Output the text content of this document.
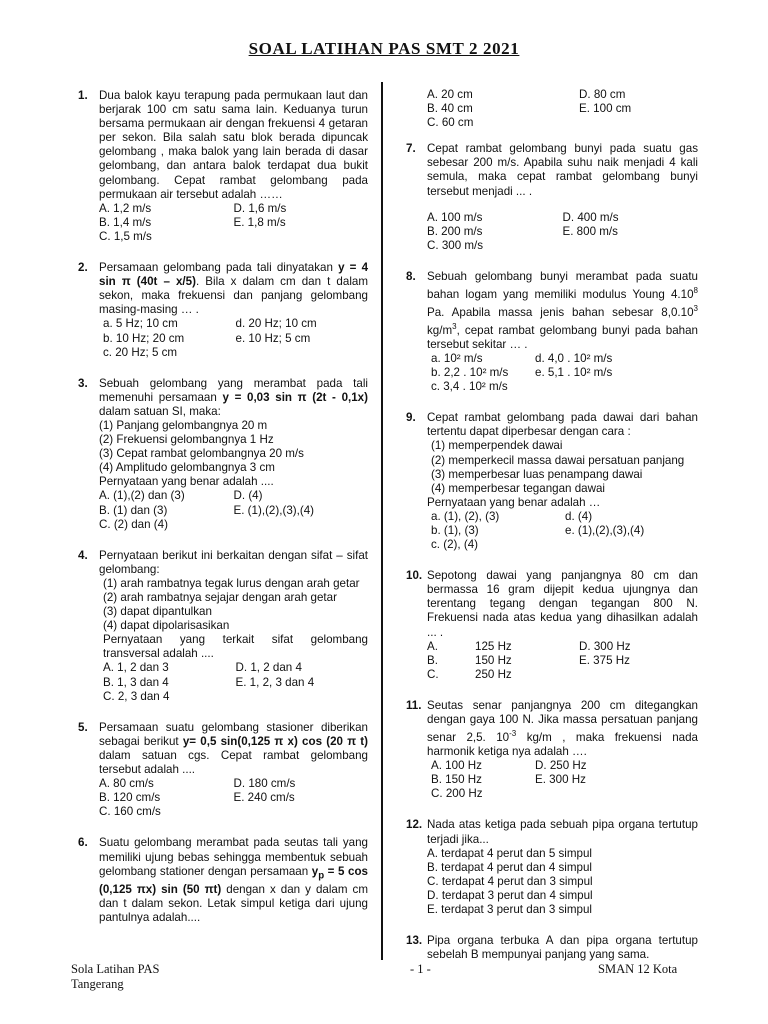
SOAL LATIHAN PAS SMT 2 2021
1. Dua balok kayu terapung pada permukaan laut dan berjarak 100 cm satu sama lain. Keduanya turun bersama permukaan air dengan frekuensi 4 getaran per sekon. Bila salah satu blok berada dipuncak gelombang , maka balok yang lain berada di dasar gelombang, dan antara balok terdapat dua bukit gelombang. Cepat rambat gelombang pada permukaan air tersebut adalah ……
A. 1,2 m/s	D. 1,6 m/s
B. 1,4 m/s	E. 1,8 m/s
C. 1,5 m/s
2. Persamaan gelombang pada tali dinyatakan y = 4 sin π (40t – x/5). Bila x dalam cm dan t dalam sekon, maka frekuensi dan panjang gelombang masing-masing … .
a. 5 Hz; 10 cm	d. 20 Hz; 10 cm
b. 10 Hz; 20 cm	e. 10 Hz; 5 cm
c. 20 Hz; 5 cm
3. Sebuah gelombang yang merambat pada tali memenuhi persamaan y = 0,03 sin π (2t - 0,1x) dalam satuan SI, maka:
(1) Panjang gelombangnya 20 m
(2) Frekuensi gelombangnya 1 Hz
(3) Cepat rambat gelombangnya 20 m/s
(4) Amplitudo gelombangnya 3 cm
Pernyataan yang benar adalah ....
A. (1),(2) dan (3)	D. (4)
B. (1) dan (3)	E. (1),(2),(3),(4)
C. (2) dan (4)
4. Pernyataan berikut ini berkaitan dengan sifat – sifat gelombang:
(1) arah rambatnya tegak lurus dengan arah getar
(2) arah rambatnya sejajar dengan arah getar
(3) dapat dipantulkan
(4) dapat dipolarisasikan
Pernyataan yang terkait sifat gelombang transversal adalah ....
A. 1, 2 dan 3	D. 1, 2 dan 4
B. 1, 3 dan 4	E. 1, 2, 3 dan 4
C. 2, 3 dan 4
5. Persamaan suatu gelombang stasioner diberikan sebagai berikut y= 0,5 sin(0,125 π x) cos (20 π t) dalam satuan cgs. Cepat rambat gelombang tersebut adalah ....
A. 80 cm/s	D. 180 cm/s
B. 120 cm/s	E. 240 cm/s
C. 160 cm/s
6. Suatu gelombang merambat pada seutas tali yang memiliki ujung bebas sehingga membentuk sebuah gelombang stationer dengan persamaan $y_p = 5$ cos (0,125 πx) sin (50 πt) dengan x dan y dalam cm dan t dalam sekon. Letak simpul ketiga dari ujung pantulnya adalah....
A. 20 cm	D. 80 cm
B. 40 cm	E. 100 cm
C. 60 cm
7. Cepat rambat gelombang bunyi pada suatu gas sebesar 200 m/s. Apabila suhu naik menjadi 4 kali semula, maka cepat rambat gelombang bunyi tersebut menjadi ... .
A. 100 m/s	D. 400 m/s
B. 200 m/s	E. 800 m/s
C. 300 m/s
8. Sebuah gelombang bunyi merambat pada suatu bahan logam yang memiliki modulus Young 4.10$^8$ Pa. Apabila massa jenis bahan sebesar 8,0.10$^3$ $kg/m^3$, cepat rambat gelombang bunyi pada bahan tersebut sekitar … .
a. 10² m/s	d. 4,0 . 10² m/s
b. 2,2 . 10² m/s	e. 5,1 . 10² m/s
c. 3,4 . 10² m/s
9. Cepat rambat gelombang pada dawai dari bahan tertentu dapat diperbesar dengan cara :
(1) memperpendek dawai
(2) memperkecil massa dawai persatuan panjang
(3) memperbesar luas penampang dawai
(4) memperbesar tegangan dawai
Pernyataan yang benar adalah …
a. (1), (2), (3)	d. (4)
b. (1), (3)	e. (1),(2),(3),(4)
c. (2), (4)
10. Sepotong dawai yang panjangnya 80 cm dan bermassa 16 gram dijepit kedua ujungnya dan terentang tegang dengan tegangan 800 N. Frekuensi nada atas kedua yang dihasilkan adalah ... .
A.	125 Hz	D. 300 Hz
B.	150 Hz	E. 375 Hz
C.	250 Hz
11. Seutas senar panjangnya 200 cm ditegangkan dengan gaya 100 N. Jika massa persatuan panjang senar 2,5. $10^{-3}$ kg/m , maka frekuensi nada harmonik ketiga nya adalah ….
A. 100 Hz	D. 250 Hz
B. 150 Hz	E. 300 Hz
C. 200 Hz
12. Nada atas ketiga pada sebuah pipa organa tertutup terjadi jika...
A. terdapat 4 perut dan 5 simpul
B. terdapat 4 perut dan 4 simpul
C. terdapat 4 perut dan 3 simpul
D. terdapat 3 perut dan 4 simpul
E. terdapat 3 perut dan 3 simpul
13. Pipa organa terbuka A dan pipa organa tertutup sebelah B mempunyai panjang yang sama.
Sola Latihan PAS Tangerang
- 1 -	SMAN 12 Kota
